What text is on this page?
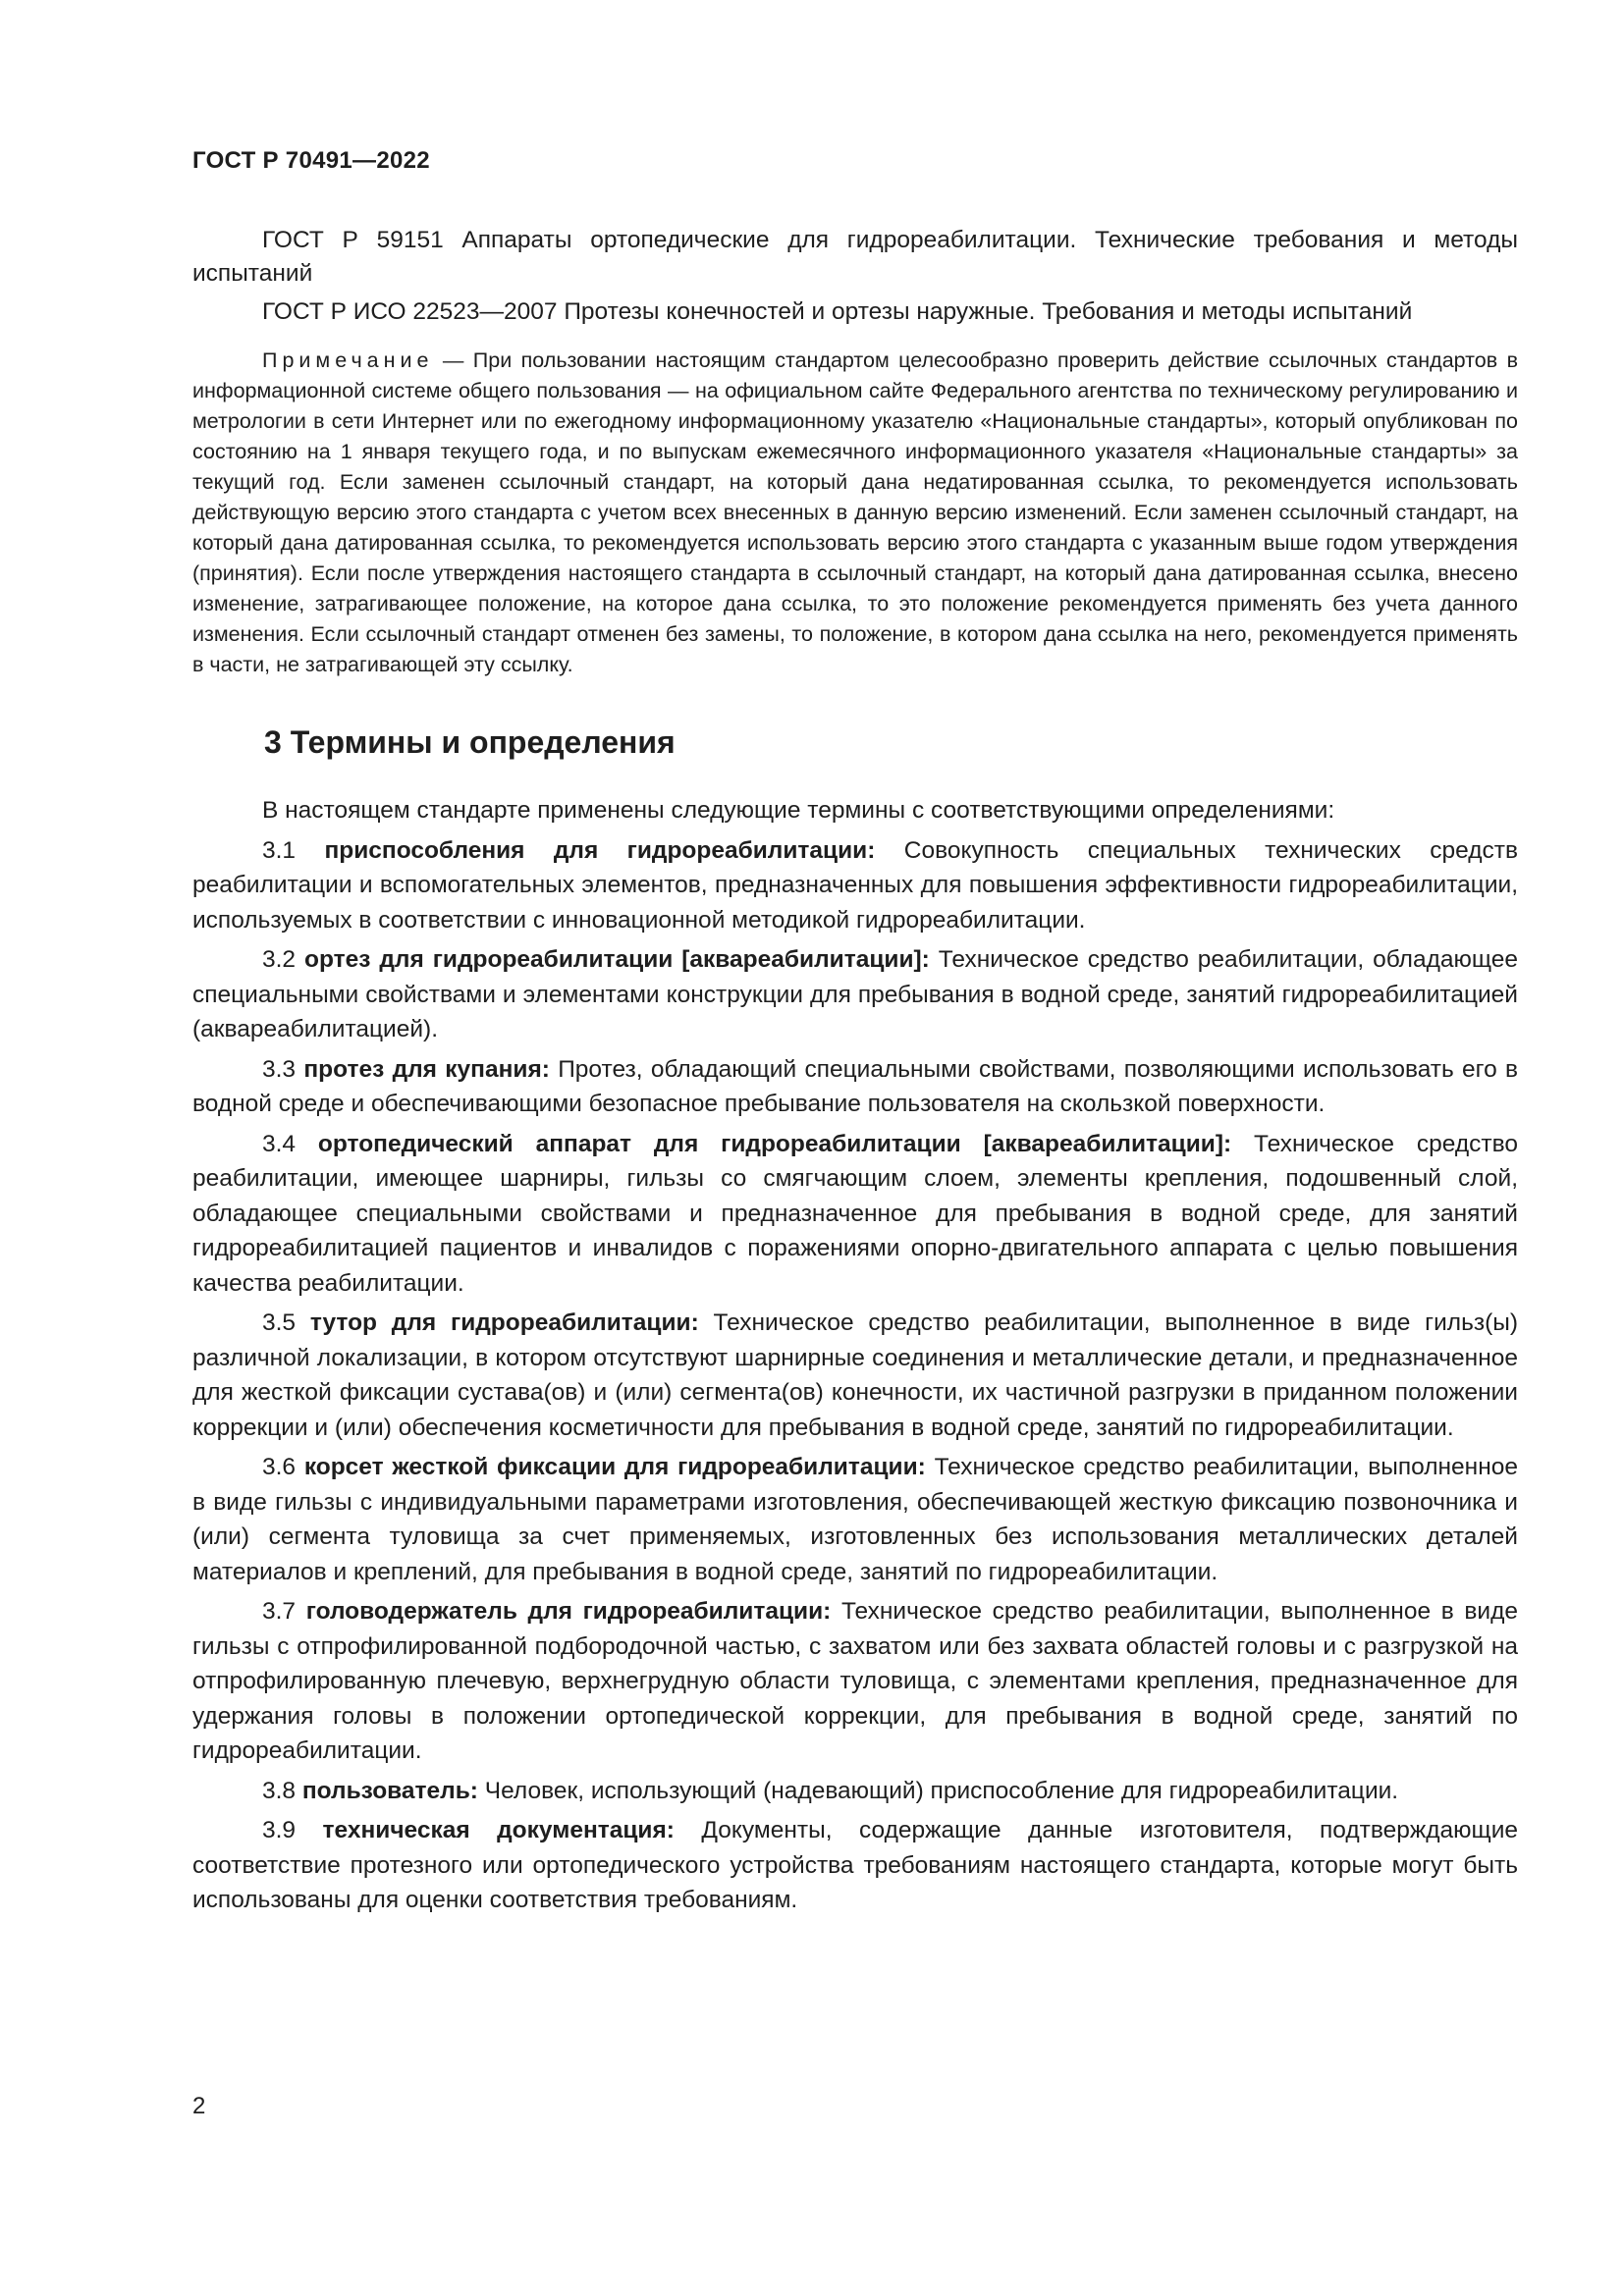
ГОСТ Р 70491—2022

ГОСТ Р 59151 Аппараты ортопедические для гидрореабилитации. Технические требования и методы испытаний

ГОСТ Р ИСО 22523—2007 Протезы конечностей и ортезы наружные. Требования и методы испытаний

Примечание — При пользовании настоящим стандартом целесообразно проверить действие ссылочных стандартов в информационной системе общего пользования — на официальном сайте Федерального агентства по техническому регулированию и метрологии в сети Интернет или по ежегодному информационному указателю «Национальные стандарты», который опубликован по состоянию на 1 января текущего года, и по выпускам ежемесячного информационного указателя «Национальные стандарты» за текущий год. Если заменен ссылочный стандарт, на который дана недатированная ссылка, то рекомендуется использовать действующую версию этого стандарта с учетом всех внесенных в данную версию изменений. Если заменен ссылочный стандарт, на который дана датированная ссылка, то рекомендуется использовать версию этого стандарта с указанным выше годом утверждения (принятия). Если после утверждения настоящего стандарта в ссылочный стандарт, на который дана датированная ссылка, внесено изменение, затрагивающее положение, на которое дана ссылка, то это положение рекомендуется применять без учета данного изменения. Если ссылочный стандарт отменен без замены, то положение, в котором дана ссылка на него, рекомендуется применять в части, не затрагивающей эту ссылку.

3 Термины и определения

В настоящем стандарте применены следующие термины с соответствующими определениями:

3.1 приспособления для гидрореабилитации: Совокупность специальных технических средств реабилитации и вспомогательных элементов, предназначенных для повышения эффективности гидрореабилитации, используемых в соответствии с инновационной методикой гидрореабилитации.

3.2 ортез для гидрореабилитации [аквареабилитации]: Техническое средство реабилитации, обладающее специальными свойствами и элементами конструкции для пребывания в водной среде, занятий гидрореабилитацией (аквареабилитацией).

3.3 протез для купания: Протез, обладающий специальными свойствами, позволяющими использовать его в водной среде и обеспечивающими безопасное пребывание пользователя на скользкой поверхности.

3.4 ортопедический аппарат для гидрореабилитации [аквареабилитации]: Техническое средство реабилитации, имеющее шарниры, гильзы со смягчающим слоем, элементы крепления, подошвенный слой, обладающее специальными свойствами и предназначенное для пребывания в водной среде, для занятий гидрореабилитацией пациентов и инвалидов с поражениями опорно-двигательного аппарата с целью повышения качества реабилитации.

3.5 тутор для гидрореабилитации: Техническое средство реабилитации, выполненное в виде гильз(ы) различной локализации, в котором отсутствуют шарнирные соединения и металлические детали, и предназначенное для жесткой фиксации сустава(ов) и (или) сегмента(ов) конечности, их частичной разгрузки в приданном положении коррекции и (или) обеспечения косметичности для пребывания в водной среде, занятий по гидрореабилитации.

3.6 корсет жесткой фиксации для гидрореабилитации: Техническое средство реабилитации, выполненное в виде гильзы с индивидуальными параметрами изготовления, обеспечивающей жесткую фиксацию позвоночника и (или) сегмента туловища за счет применяемых, изготовленных без использования металлических деталей материалов и креплений, для пребывания в водной среде, занятий по гидрореабилитации.

3.7 головодержатель для гидрореабилитации: Техническое средство реабилитации, выполненное в виде гильзы с отпрофилированной подбородочной частью, с захватом или без захвата областей головы и с разгрузкой на отпрофилированную плечевую, верхнегрудную области туловища, с элементами крепления, предназначенное для удержания головы в положении ортопедической коррекции, для пребывания в водной среде, занятий по гидрореабилитации.

3.8 пользователь: Человек, использующий (надевающий) приспособление для гидрореабилитации.

3.9 техническая документация: Документы, содержащие данные изготовителя, подтверждающие соответствие протезного или ортопедического устройства требованиям настоящего стандарта, которые могут быть использованы для оценки соответствия требованиям.

2
